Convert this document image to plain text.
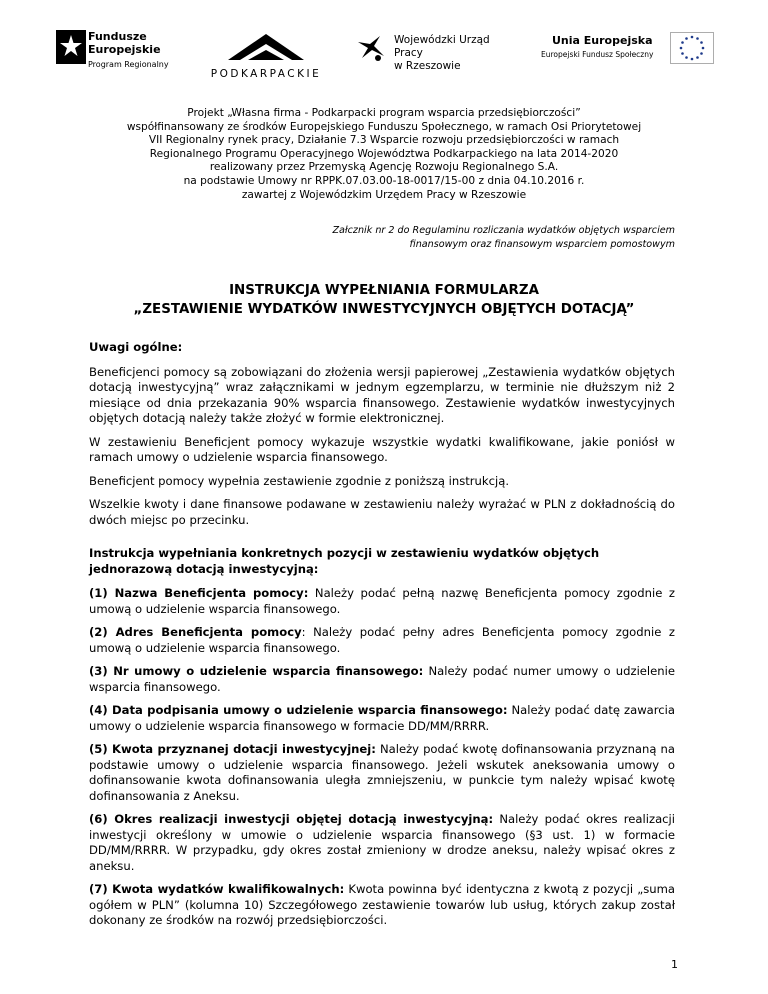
Fundusze
Europejskie
Program Regionalny
PODKARPACKIE
Wojewódzki Urząd Pracy
w Rzeszowie
Unia Europejska
Europejski Fundusz Społeczny
Projekt „Własna firma - Podkarpacki program wsparcia przedsiębiorczości”
współfinansowany ze środków Europejskiego Funduszu Społecznego, w ramach Osi Priorytetowej
VII Regionalny rynek pracy, Działanie 7.3 Wsparcie rozwoju przedsiębiorczości w ramach
Regionalnego Programu Operacyjnego Województwa Podkarpackiego na lata 2014-2020
realizowany przez Przemyską Agencję Rozwoju Regionalnego S.A.
na podstawie Umowy nr RPPK.07.03.00-18-0017/15-00 z dnia 04.10.2016 r.
zawartej z Wojewódzkim Urzędem Pracy w Rzeszowie
Załcznik nr 2 do Regulaminu rozliczania wydatków objętych wsparciem
finansowym oraz finansowym wsparciem pomostowym
INSTRUKCJA WYPEŁNIANIA FORMULARZA
„ZESTAWIENIE WYDATKÓW INWESTYCYJNYCH OBJĘTYCH DOTACJĄ”
Uwagi ogólne:

Beneficjenci pomocy są zobowiązani do złożenia wersji papierowej „Zestawienia wydatków objętych dotacją inwestycyjną” wraz załącznikami w jednym egzemplarzu, w terminie nie dłuższym niż 2 miesiące od dnia przekazania 90% wsparcia finansowego. Zestawienie wydatków inwestycyjnych objętych dotacją należy także złożyć w formie elektronicznej.

W zestawieniu Beneficjent pomocy wykazuje wszystkie wydatki kwalifikowane, jakie poniósł w ramach umowy o udzielenie wsparcia finansowego.

Beneficjent pomocy wypełnia zestawienie zgodnie z poniższą instrukcją.

Wszelkie kwoty i dane finansowe podawane w zestawieniu należy wyrażać w PLN z dokładnością do dwóch miejsc po przecinku.

Instrukcja wypełniania konkretnych pozycji w zestawieniu wydatków objętych jednorazową dotacją inwestycyjną:

(1) Nazwa Beneficjenta pomocy: Należy podać pełną nazwę Beneficjenta pomocy zgodnie z umową o udzielenie wsparcia finansowego.

(2) Adres Beneficjenta pomocy: Należy podać pełny adres Beneficjenta pomocy zgodnie z umową o udzielenie wsparcia finansowego.

(3) Nr umowy o udzielenie wsparcia finansowego: Należy podać numer umowy o udzielenie wsparcia finansowego.

(4) Data podpisania umowy o udzielenie wsparcia finansowego: Należy podać datę zawarcia umowy o udzielenie wsparcia finansowego w formacie DD/MM/RRRR.

(5) Kwota przyznanej dotacji inwestycyjnej: Należy podać kwotę dofinansowania przyznaną na podstawie umowy o udzielenie wsparcia finansowego. Jeżeli wskutek aneksowania umowy o dofinansowanie kwota dofinansowania uległa zmniejszeniu, w punkcie tym należy wpisać kwotę dofinansowania z Aneksu.

(6) Okres realizacji inwestycji objętej dotacją inwestycyjną: Należy podać okres realizacji inwestycji określony w umowie o udzielenie wsparcia finansowego (§3 ust. 1) w formacie DD/MM/RRRR. W przypadku, gdy okres został zmieniony w drodze aneksu, należy wpisać okres z aneksu.

(7) Kwota wydatków kwalifikowalnych: Kwota powinna być identyczna z kwotą z pozycji „suma ogółem w PLN” (kolumna 10) Szczegółowego zestawienie towarów lub usług, których zakup został dokonany ze środków na rozwój przedsiębiorczości.

1
